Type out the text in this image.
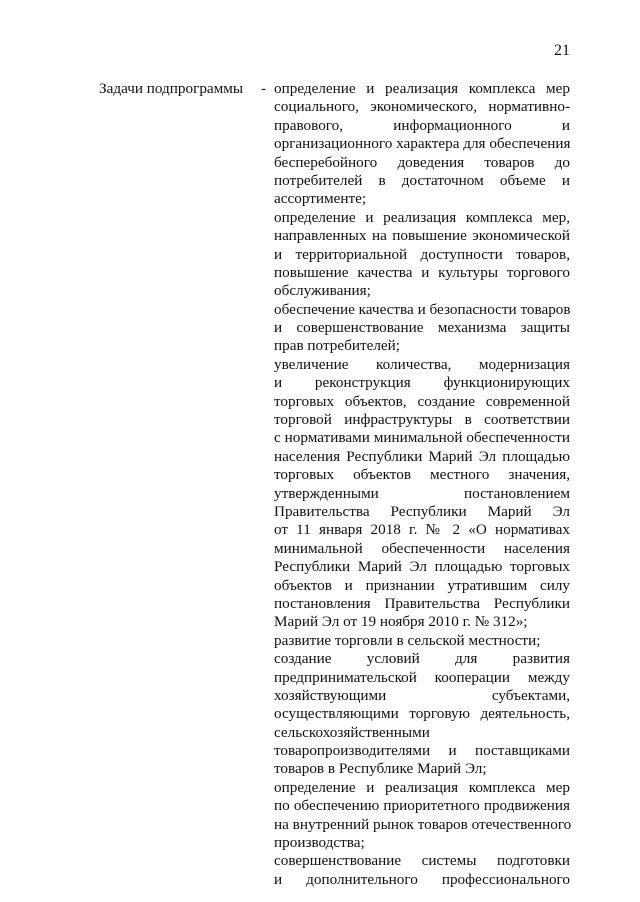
21
Задачи подпрограммы	- определение и реализация комплекса мер
социального, экономического, нормативно-
правового, информационного и
организационного характера для обеспечения
бесперебойного доведения товаров до
потребителей в достаточном объеме и
ассортименте;
определение и реализация комплекса мер,
направленных на повышение экономической
и территориальной доступности товаров,
повышение качества и культуры торгового
обслуживания;
обеспечение качества и безопасности товаров
и совершенствование механизма защиты
прав потребителей;
увеличение количества, модернизация
и реконструкция функционирующих
торговых объектов, создание современной
торговой инфраструктуры в соответствии
с нормативами минимальной обеспеченности
населения Республики Марий Эл площадью
торговых объектов местного значения,
утвержденными постановлением
Правительства Республики Марий Эл
от 11 января 2018 г. № 2 «О нормативах
минимальной обеспеченности населения
Республики Марий Эл площадью торговых
объектов и признании утратившим силу
постановления Правительства Республики
Марий Эл от 19 ноября 2010 г. № 312»;
развитие торговли в сельской местности;
создание условий для развития
предпринимательской кооперации между
хозяйствующими субъектами,
осуществляющими торговую деятельность,
сельскохозяйственными
товаропроизводителями и поставщиками
товаров в Республике Марий Эл;
определение и реализация комплекса мер
по обеспечению приоритетного продвижения
на внутренний рынок товаров отечественного
производства;
совершенствование системы подготовки
и дополнительного профессионального
